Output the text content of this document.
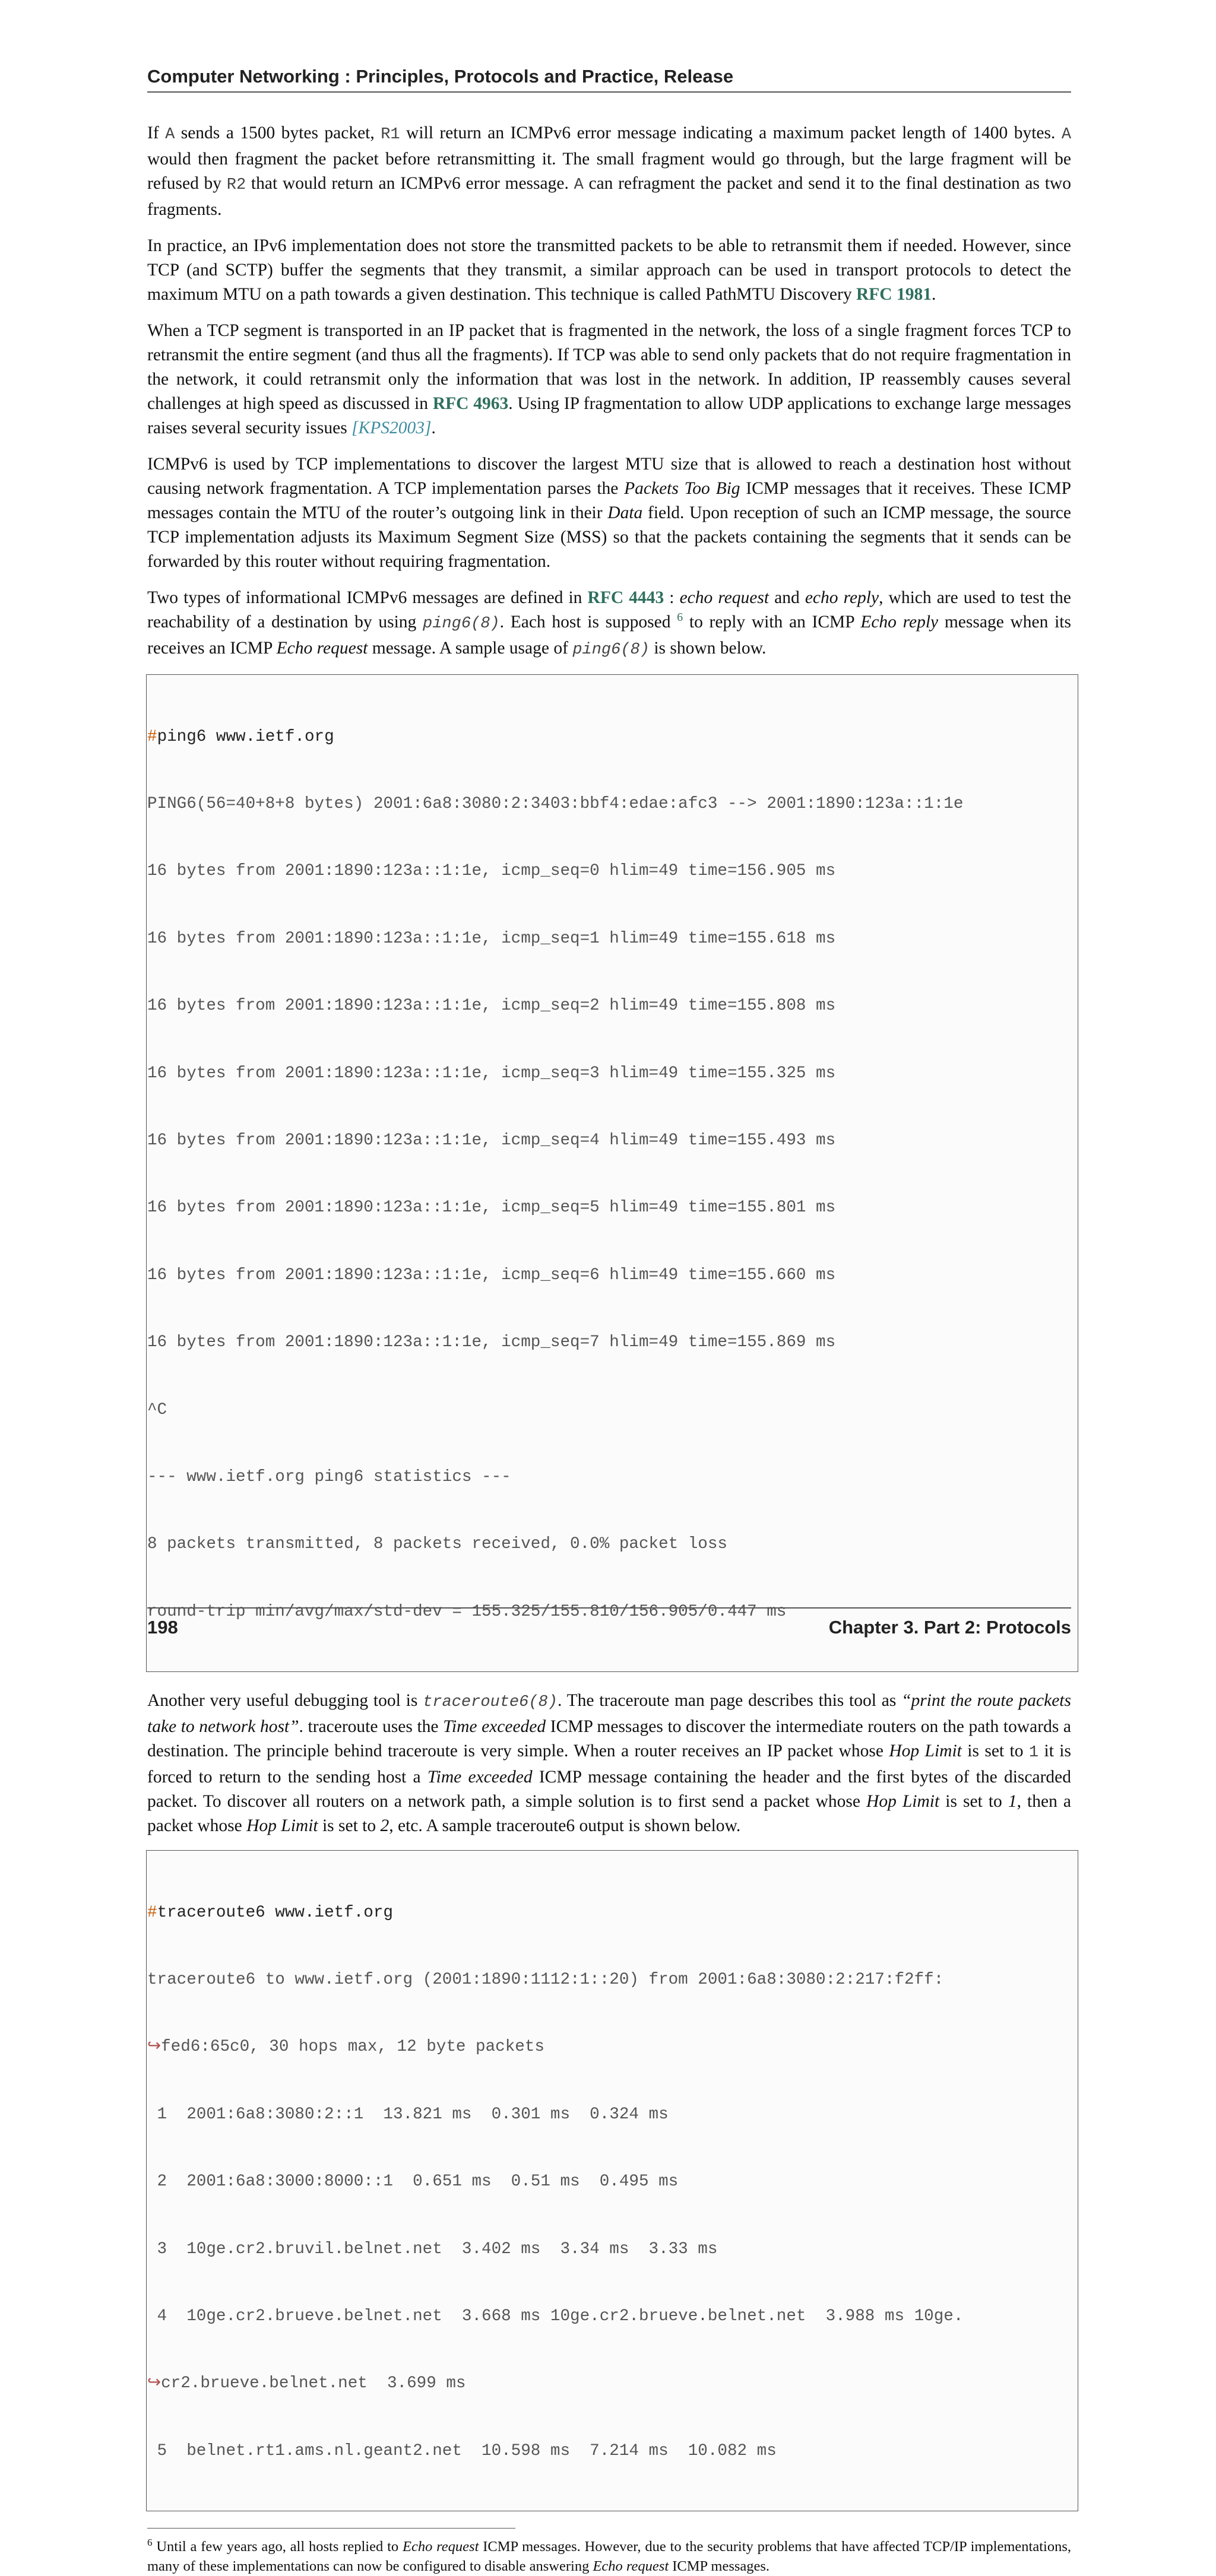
Computer Networking : Principles, Protocols and Practice, Release

If A sends a 1500 bytes packet, R1 will return an ICMPv6 error message indicating a maximum packet length of 1400 bytes. A would then fragment the packet before retransmitting it. The small fragment would go through, but the large fragment will be refused by R2 that would return an ICMPv6 error message. A can refragment the packet and send it to the final destination as two fragments.

In practice, an IPv6 implementation does not store the transmitted packets to be able to retransmit them if needed. However, since TCP (and SCTP) buffer the segments that they transmit, a similar approach can be used in transport protocols to detect the maximum MTU on a path towards a given destination. This technique is called PathMTU Discovery RFC 1981.

When a TCP segment is transported in an IP packet that is fragmented in the network, the loss of a single fragment forces TCP to retransmit the entire segment (and thus all the fragments). If TCP was able to send only packets that do not require fragmentation in the network, it could retransmit only the information that was lost in the network. In addition, IP reassembly causes several challenges at high speed as discussed in RFC 4963. Using IP fragmentation to allow UDP applications to exchange large messages raises several security issues [KPS2003].

ICMPv6 is used by TCP implementations to discover the largest MTU size that is allowed to reach a destination host without causing network fragmentation. A TCP implementation parses the Packets Too Big ICMP messages that it receives. These ICMP messages contain the MTU of the router’s outgoing link in their Data field. Upon reception of such an ICMP message, the source TCP implementation adjusts its Maximum Segment Size (MSS) so that the packets containing the segments that it sends can be forwarded by this router without requiring fragmentation.

Two types of informational ICMPv6 messages are defined in RFC 4443 : echo request and echo reply, which are used to test the reachability of a destination by using ping6(8). Each host is supposed $^6$ to reply with an ICMP Echo reply message when its receives an ICMP Echo request message. A sample usage of ping6(8) is shown below.

#ping6 www.ietf.org

PING6(56=40+8+8 bytes) 2001:6a8:3080:2:3403:bbf4:edae:afc3 --> 2001:1890:123a::1:1e

16 bytes from 2001:1890:123a::1:1e, icmp_seq=0 hlim=49 time=156.905 ms

16 bytes from 2001:1890:123a::1:1e, icmp_seq=1 hlim=49 time=155.618 ms

16 bytes from 2001:1890:123a::1:1e, icmp_seq=2 hlim=49 time=155.808 ms

16 bytes from 2001:1890:123a::1:1e, icmp_seq=3 hlim=49 time=155.325 ms

16 bytes from 2001:1890:123a::1:1e, icmp_seq=4 hlim=49 time=155.493 ms

16 bytes from 2001:1890:123a::1:1e, icmp_seq=5 hlim=49 time=155.801 ms

16 bytes from 2001:1890:123a::1:1e, icmp_seq=6 hlim=49 time=155.660 ms

16 bytes from 2001:1890:123a::1:1e, icmp_seq=7 hlim=49 time=155.869 ms

^C

--- www.ietf.org ping6 statistics ---

8 packets transmitted, 8 packets received, 0.0% packet loss

round-trip min/avg/max/std-dev = 155.325/155.810/156.905/0.447 ms

Another very useful debugging tool is traceroute6(8). The traceroute man page describes this tool as “print the route packets take to network host”. traceroute uses the Time exceeded ICMP messages to discover the intermediate routers on the path towards a destination. The principle behind traceroute is very simple. When a router receives an IP packet whose Hop Limit is set to 1 it is forced to return to the sending host a Time exceeded ICMP message containing the header and the first bytes of the discarded packet. To discover all routers on a network path, a simple solution is to first send a packet whose Hop Limit is set to 1, then a packet whose Hop Limit is set to 2, etc. A sample traceroute6 output is shown below.

#traceroute6 www.ietf.org

traceroute6 to www.ietf.org (2001:1890:1112:1::20) from 2001:6a8:3080:2:217:f2ff:

↪fed6:65c0, 30 hops max, 12 byte packets

1  2001:6a8:3080:2::1  13.821 ms  0.301 ms  0.324 ms

2  2001:6a8:3000:8000::1  0.651 ms  0.51 ms  0.495 ms

3  10ge.cr2.bruvil.belnet.net  3.402 ms  3.34 ms  3.33 ms

4  10ge.cr2.brueve.belnet.net  3.668 ms 10ge.cr2.brueve.belnet.net  3.988 ms 10ge.

↪cr2.brueve.belnet.net  3.699 ms

5  belnet.rt1.ams.nl.geant2.net  10.598 ms  7.214 ms  10.082 ms

$^6$ Until a few years ago, all hosts replied to Echo request ICMP messages. However, due to the security problems that have affected TCP/IP implementations, many of these implementations can now be configured to disable answering Echo request ICMP messages.
198	Chapter 3. Part 2: Protocols
